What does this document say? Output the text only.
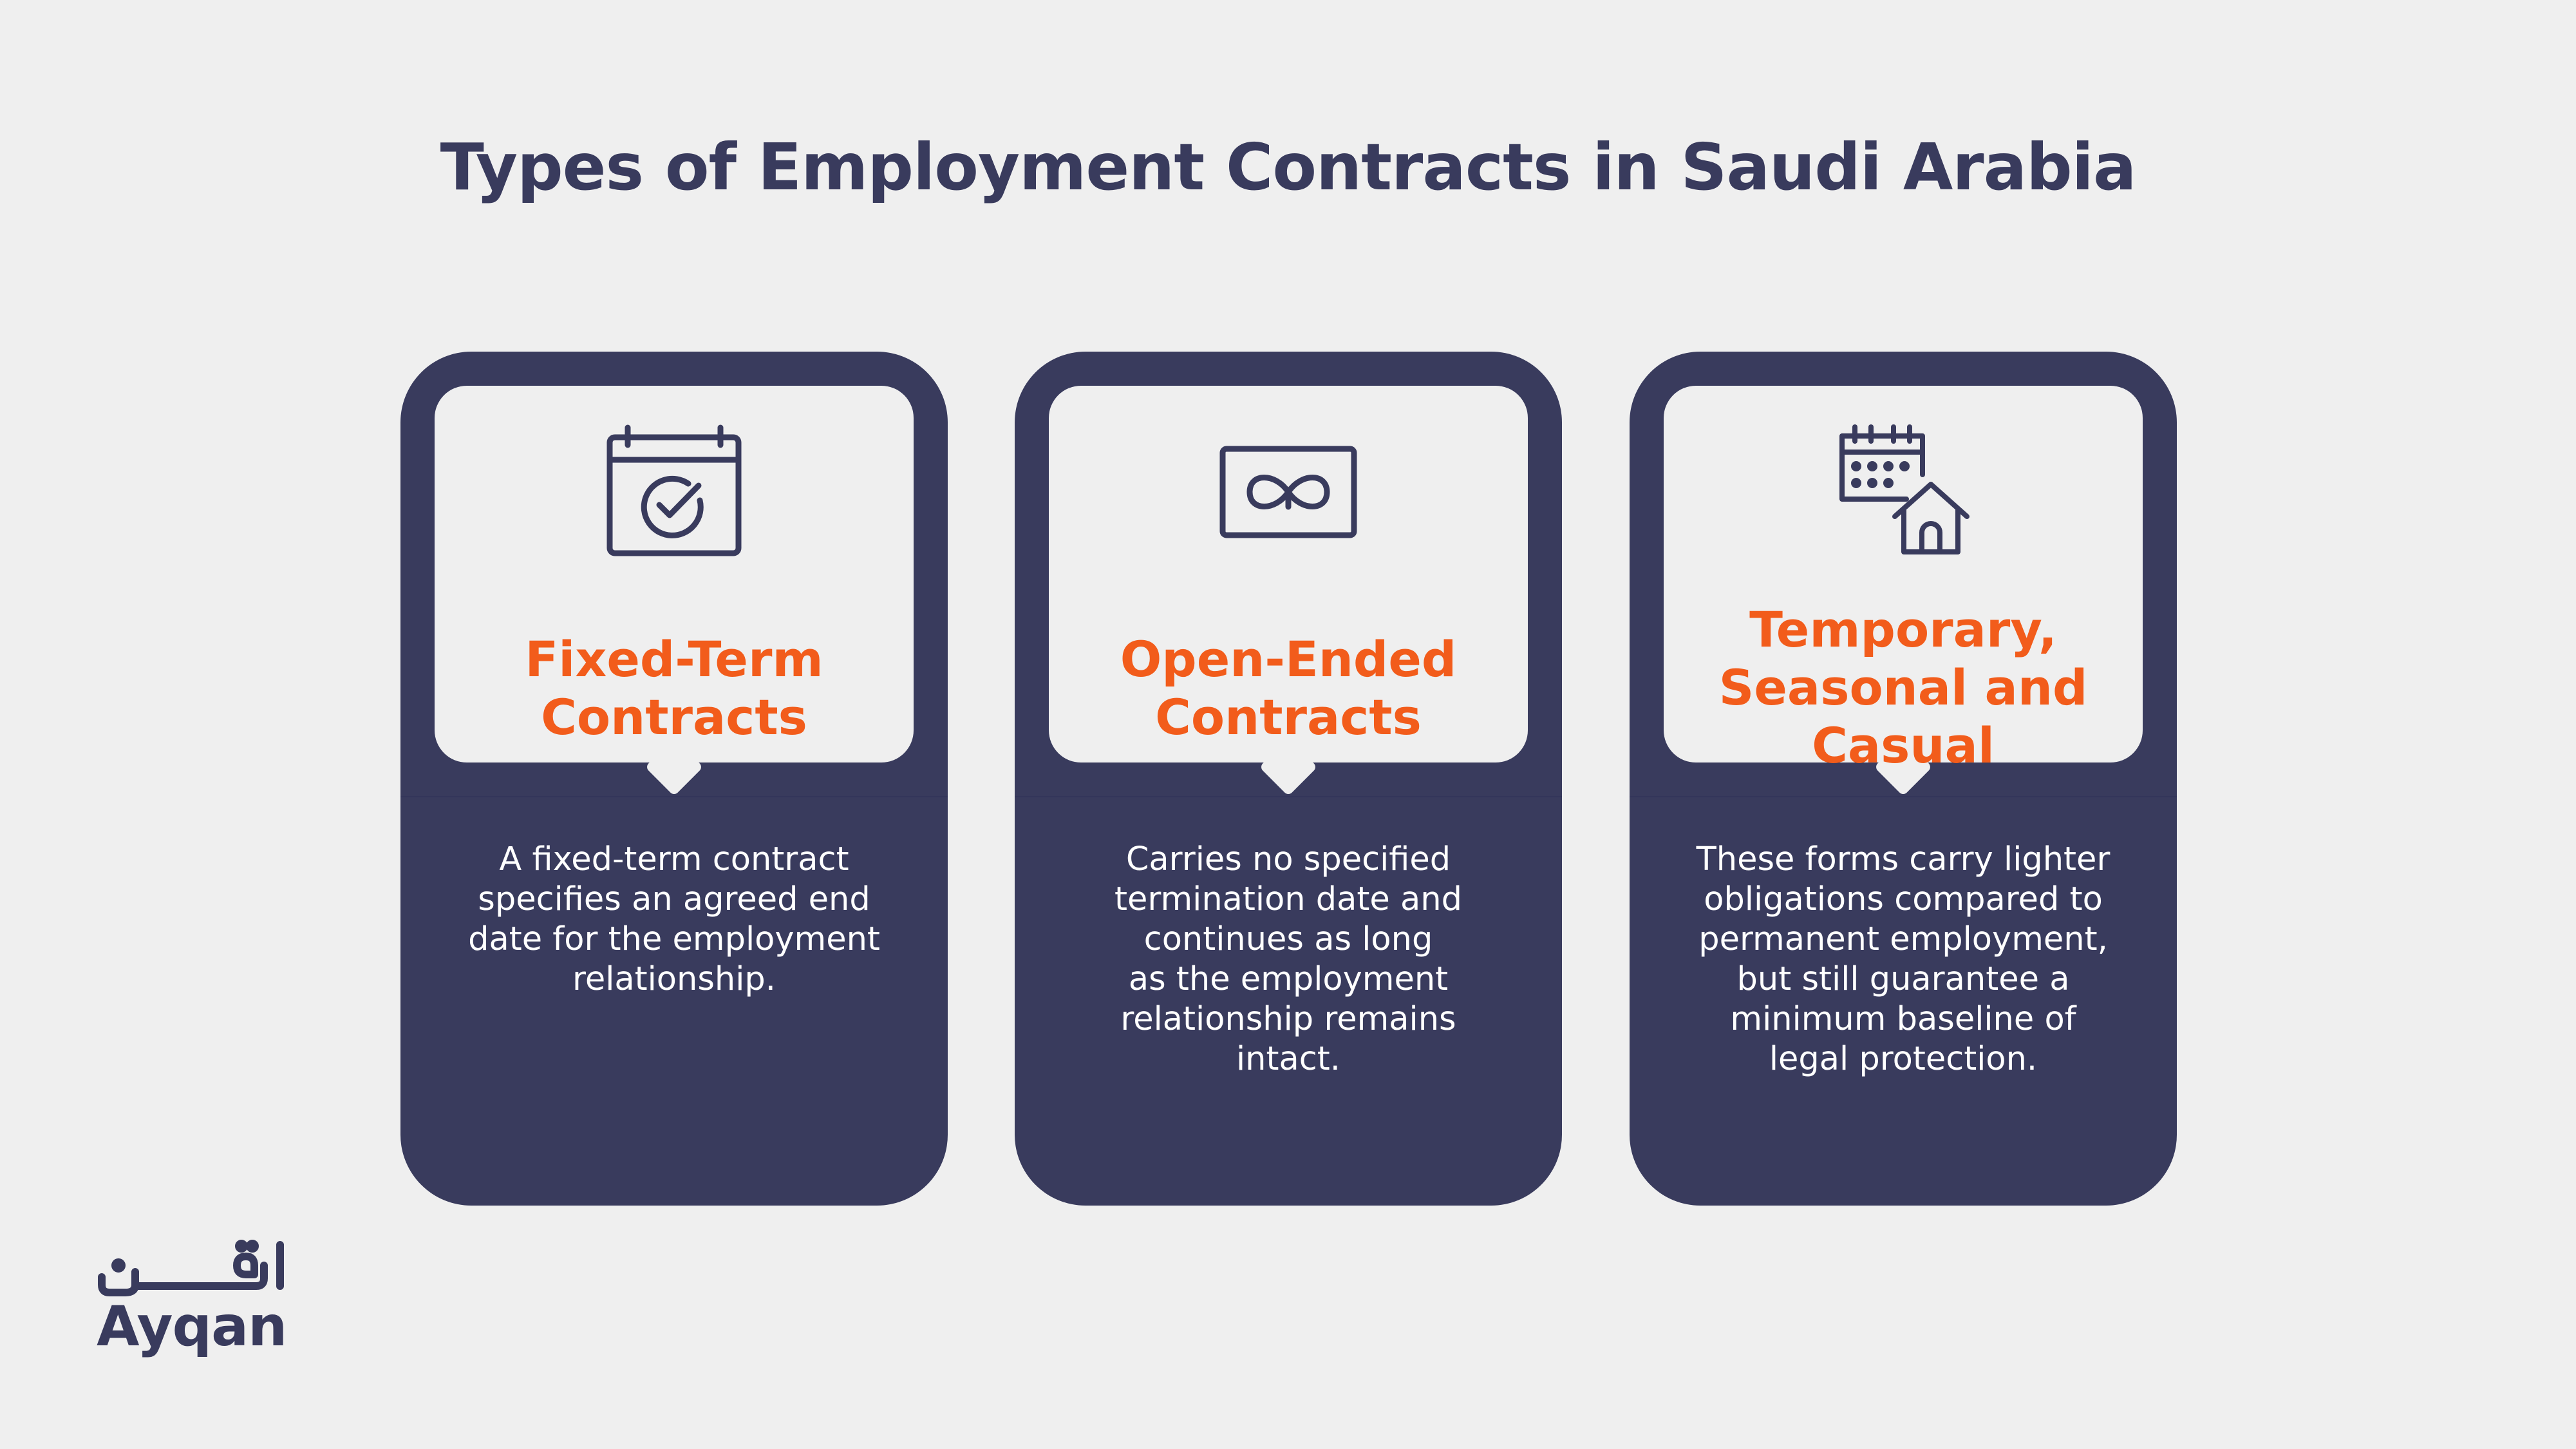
Types of Employment Contracts in Saudi Arabia
Fixed-Term
Contracts
A fixed-term contract
specifies an agreed end
date for the employment
relationship.
Open-Ended
Contracts
Carries no specified
termination date and
continues as long
as the employment
relationship remains
intact.
Temporary,
Seasonal and
Casual
These forms carry lighter
obligations compared to
permanent employment,
but still guarantee a
minimum baseline of
legal protection.
Ayqan
